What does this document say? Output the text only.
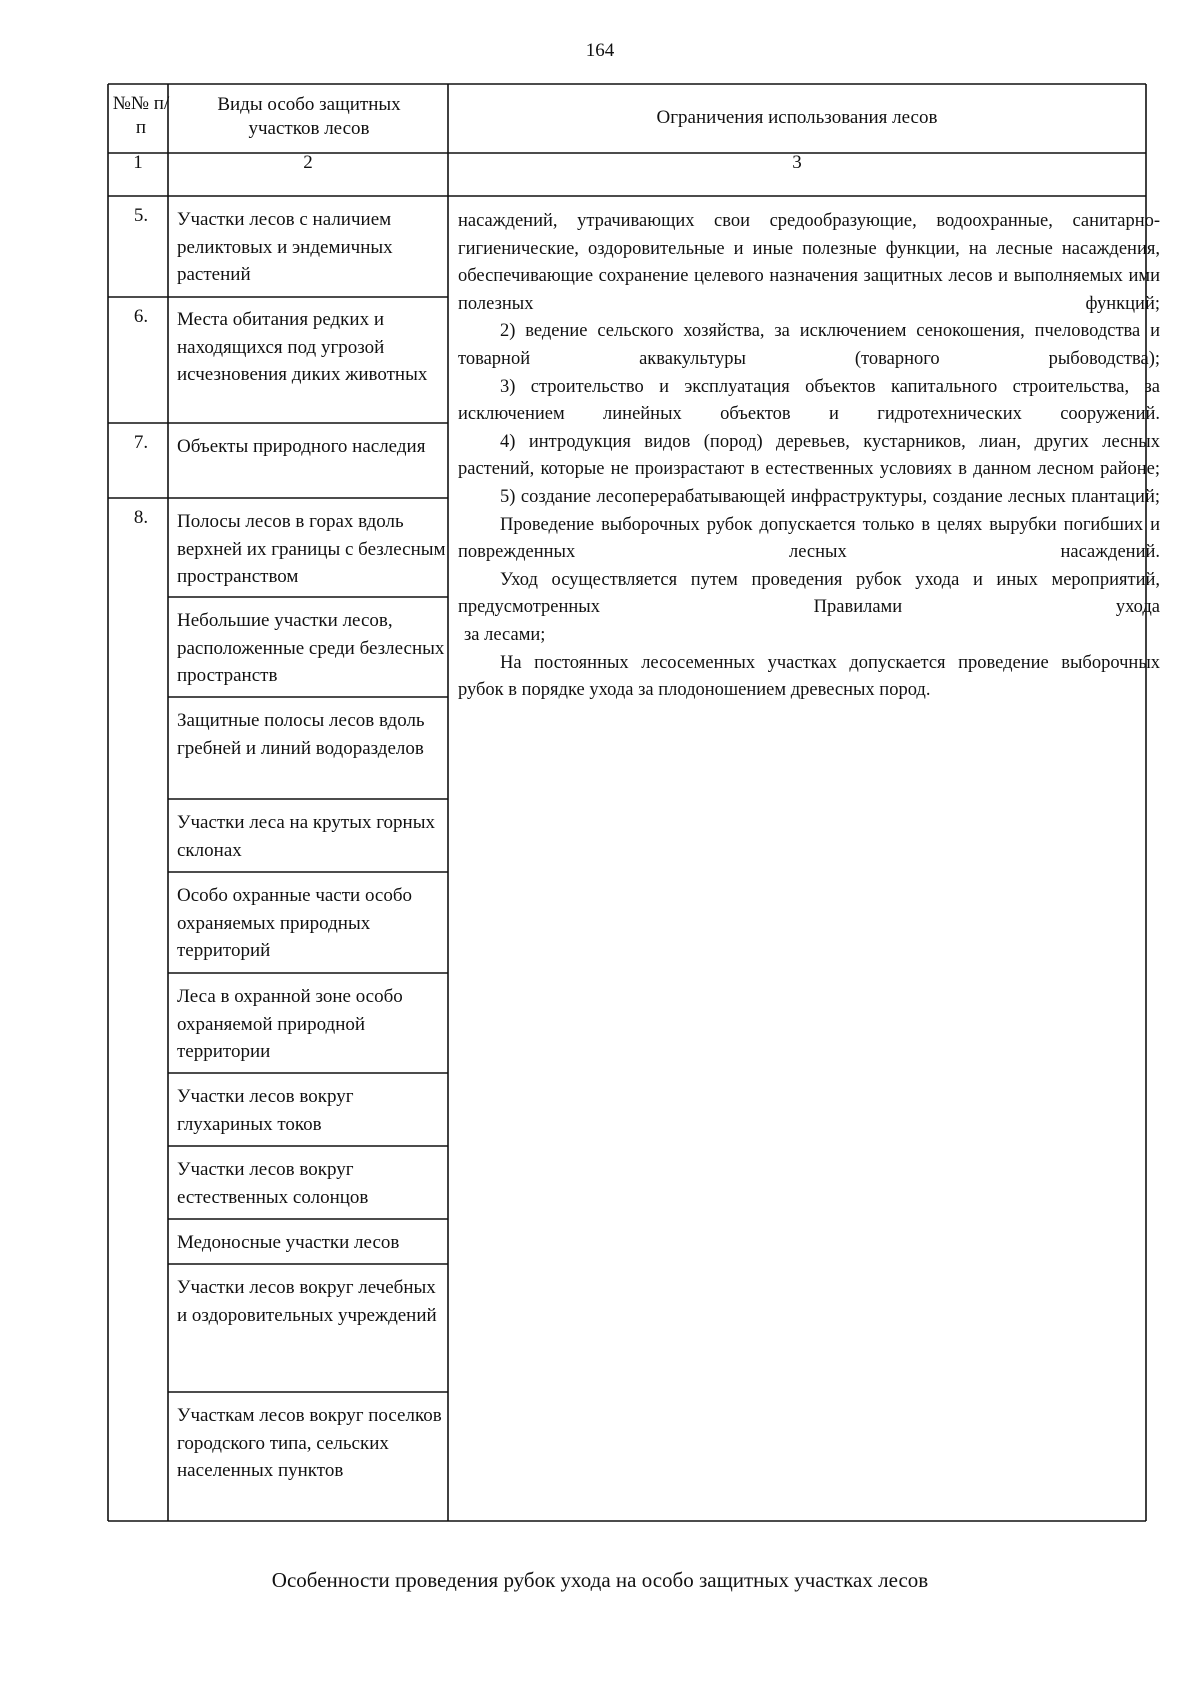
164
№№ п/п
Виды особо защитных участков лесов
Ограничения использования лесов
1	2	3
5.
6.
7.
8.
Участки лесов с наличием реликтовых и эндемичных растений
Места обитания редких и находящихся под угрозой исчезновения диких животных
Объекты природного наследия
Полосы лесов в горах вдоль верхней их границы с безлесным пространством
Небольшие участки лесов, расположенные среди безлесных пространств
Защитные полосы лесов вдоль гребней и линий водоразделов
Участки леса на крутых горных склонах
Особо охранные части особо охраняемых природных территорий
Леса в охранной зоне особо охраняемой природной территории
Участки лесов вокруг глухариных токов
Участки лесов вокруг естественных солонцов
Медоносные участки лесов
Участки лесов вокруг лечебных и оздоровительных учреждений
Участкам лесов вокруг поселков городского типа, сельских населенных пунктов

насаждений, утрачивающих свои средообразующие, водоохранные, санитарно-гигиенические, оздоровительные и иные полезные функции, на лесные насаждения, обеспечивающие сохранение целевого назначения защитных лесов и выполняемых ими полезных функций;

2) ведение сельского хозяйства, за исключением сенокошения, пчеловодства и товарной аквакультуры (товарного рыбоводства);

3) строительство и эксплуатация объектов капитального строительства, за исключением линейных объектов и гидротехнических сооружений.

4) интродукция видов (пород) деревьев, кустарников, лиан, других лесных растений, которые не произрастают в естественных условиях в данном лесном районе;

5) создание лесоперерабатывающей инфраструктуры, создание лесных плантаций;

Проведение выборочных рубок допускается только в целях вырубки погибших и поврежденных лесных насаждений.

Уход осуществляется путем проведения рубок ухода и иных мероприятий, предусмотренных Правилами ухода

за лесами;

На постоянных лесосеменных участках допускается проведение выборочных рубок в порядке ухода за плодоношением древесных пород.

Особенности проведения рубок ухода на особо защитных участках лесов
